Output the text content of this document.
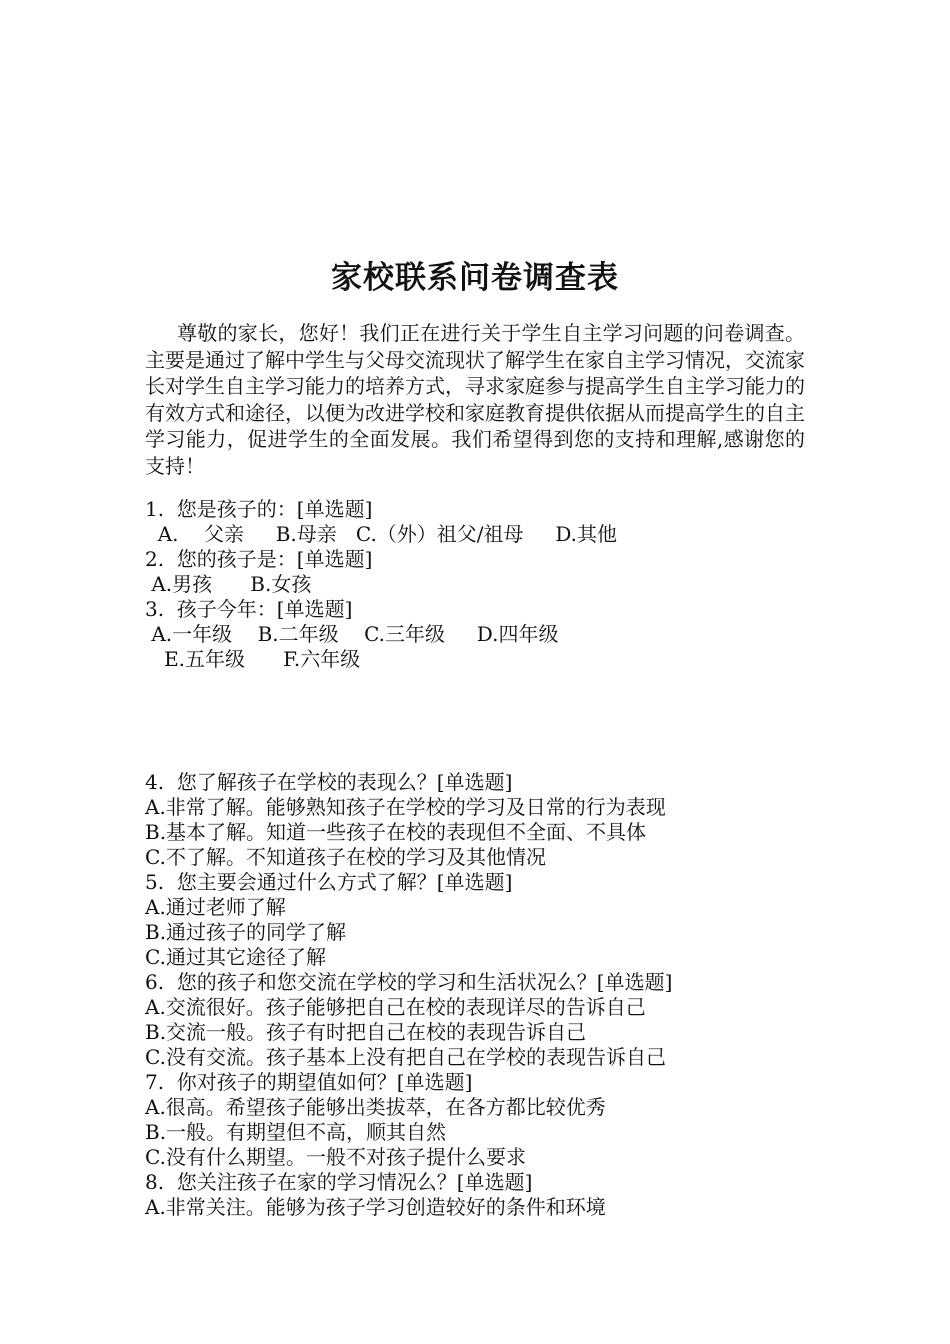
家校联系问卷调查表

尊敬的家长，您好！我们正在进行关于学生自主学习问题的问卷调查。主要是通过了解中学生与父母交流现状了解学生在家自主学习情况，交流家长对学生自主学习能力的培养方式，寻求家庭参与提高学生自主学习能力的有效方式和途径，以便为改进学校和家庭教育提供依据从而提高学生的自主学习能力，促进学生的全面发展。我们希望得到您的支持和理解,感谢您的支持！

1.  您是孩子的：[单选题]
A.    父亲     B.母亲   C.（外）祖父/祖母     D.其他
2.  您的孩子是：[单选题]
A.男孩      B.女孩
3.  孩子今年：[单选题]
A.一年级    B.二年级    C.三年级     D.四年级
E.五年级      F.六年级
4.  您了解孩子在学校的表现么？[单选题]
A.非常了解。能够熟知孩子在学校的学习及日常的行为表现
B.基本了解。知道一些孩子在校的表现但不全面、不具体
C.不了解。不知道孩子在校的学习及其他情况
5.  您主要会通过什么方式了解？[单选题]
A.通过老师了解
B.通过孩子的同学了解
C.通过其它途径了解
6.  您的孩子和您交流在学校的学习和生活状况么？[单选题]
A.交流很好。孩子能够把自己在校的表现详尽的告诉自己
B.交流一般。孩子有时把自己在校的表现告诉自己
C.没有交流。孩子基本上没有把自己在学校的表现告诉自己
7.  你对孩子的期望值如何？[单选题]
A.很高。希望孩子能够出类拔萃，在各方都比较优秀
B.一般。有期望但不高，顺其自然
C.没有什么期望。一般不对孩子提什么要求
8.  您关注孩子在家的学习情况么？[单选题]
A.非常关注。能够为孩子学习创造较好的条件和环境
